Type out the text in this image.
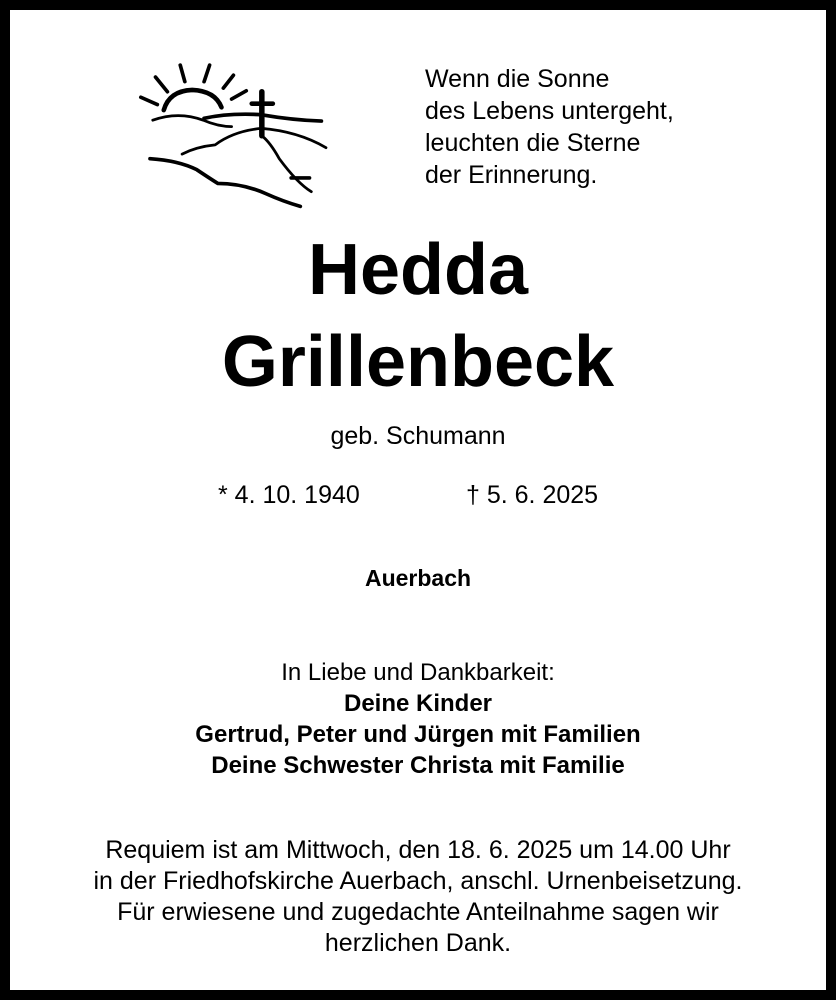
Wenn die Sonne
des Lebens untergeht,
leuchten die Sterne
der Erinnerung.
Hedda
Grillenbeck
geb. Schumann
* 4. 10. 1940	† 5. 6. 2025
Auerbach
In Liebe und Dankbarkeit:
Deine Kinder
Gertrud, Peter und Jürgen mit Familien
Deine Schwester Christa mit Familie
Requiem ist am Mittwoch, den 18. 6. 2025 um 14.00 Uhr
in der Friedhofskirche Auerbach, anschl. Urnenbeisetzung.
Für erwiesene und zugedachte Anteilnahme sagen wir
herzlichen Dank.
